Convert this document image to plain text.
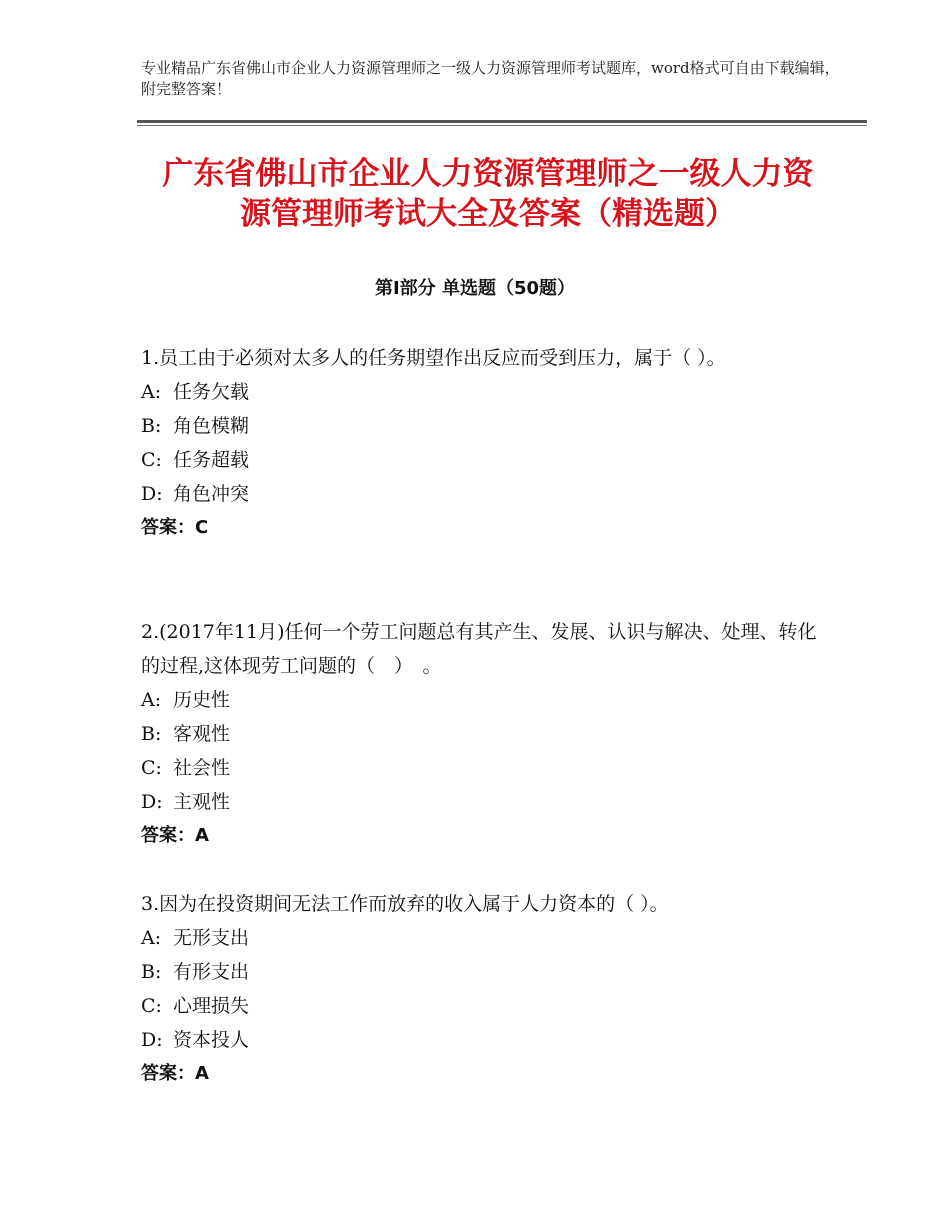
专业精品广东省佛山市企业人力资源管理师之一级人力资源管理师考试题库，word格式可自由下载编辑，附完整答案！
广东省佛山市企业人力资源管理师之一级人力资源管理师考试大全及答案（精选题）
第Ⅰ部分 单选题（50题）
1.员工由于必须对太多人的任务期望作出反应而受到压力，属于（ ）。
A: 任务欠载
B: 角色模糊
C: 任务超载
D: 角色冲突
答案：C
2.(2017年11月)任何一个劳工问题总有其产生、发展、认识与解决、处理、转化的过程,这体现劳工问题的（　）　。
A: 历史性
B: 客观性
C: 社会性
D: 主观性
答案：A
3.因为在投资期间无法工作而放弃的收入属于人力资本的（ ）。
A: 无形支出
B: 有形支出
C: 心理损失
D: 资本投人
答案：A
